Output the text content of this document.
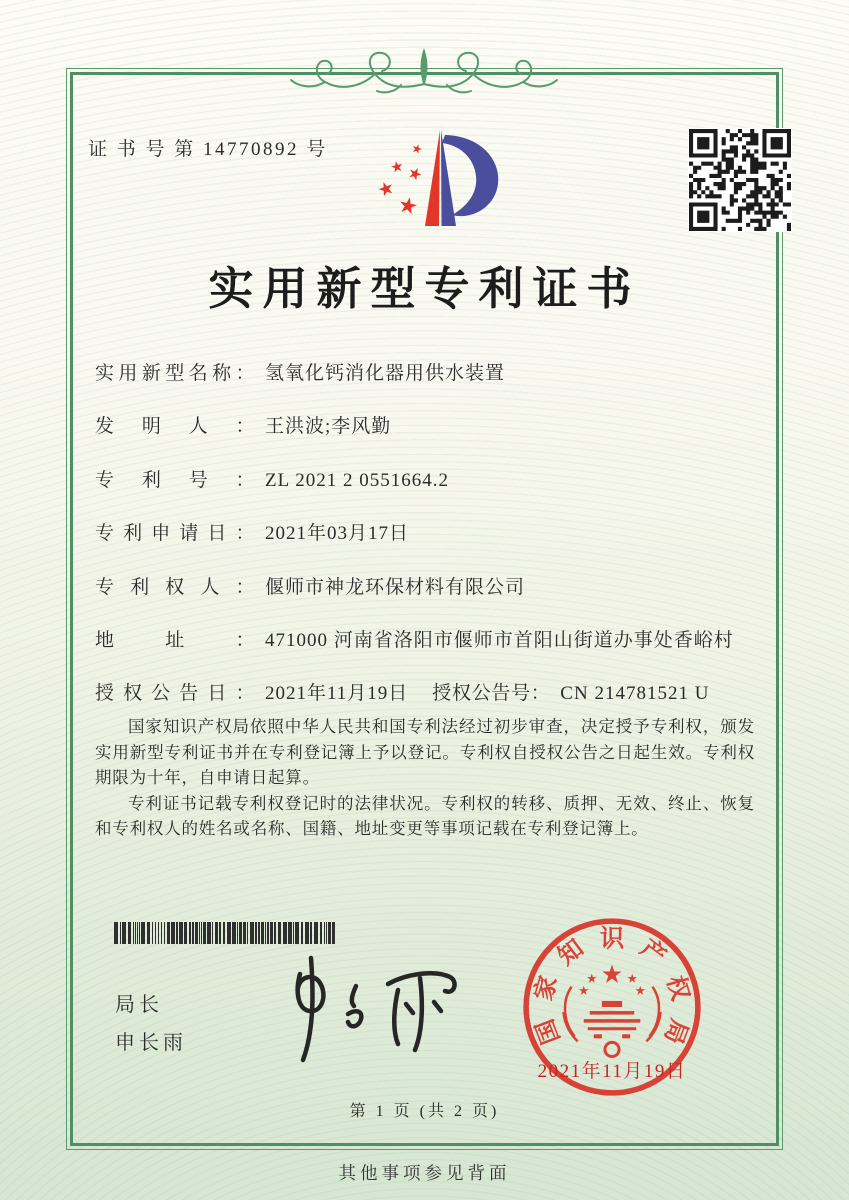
证 书 号 第 14770892 号
实用新型专利证书
实用新型名称： 氢氧化钙消化器用供水装置
发明人： 王洪波;李风勤
专利号： ZL 2021 2 0551664.2
专利申请日： 2021年03月17日
专利权人： 偃师市神龙环保材料有限公司
地址： 471000 河南省洛阳市偃师市首阳山街道办事处香峪村
授权公告日： 2021年11月19日 授权公告号： CN 214781521 U

国家知识产权局依照中华人民共和国专利法经过初步审查，决定授予专利权，颁发实用新型专利证书并在专利登记簿上予以登记。专利权自授权公告之日起生效。专利权期限为十年，自申请日起算。

专利证书记载专利权登记时的法律状况。专利权的转移、质押、无效、终止、恢复和专利权人的姓名或名称、国籍、地址变更等事项记载在专利登记簿上。

局长
申长雨	国
家
知 识 产
权
局
2021年11月19日
第 1 页 (共 2 页)
其他事项参见背面
